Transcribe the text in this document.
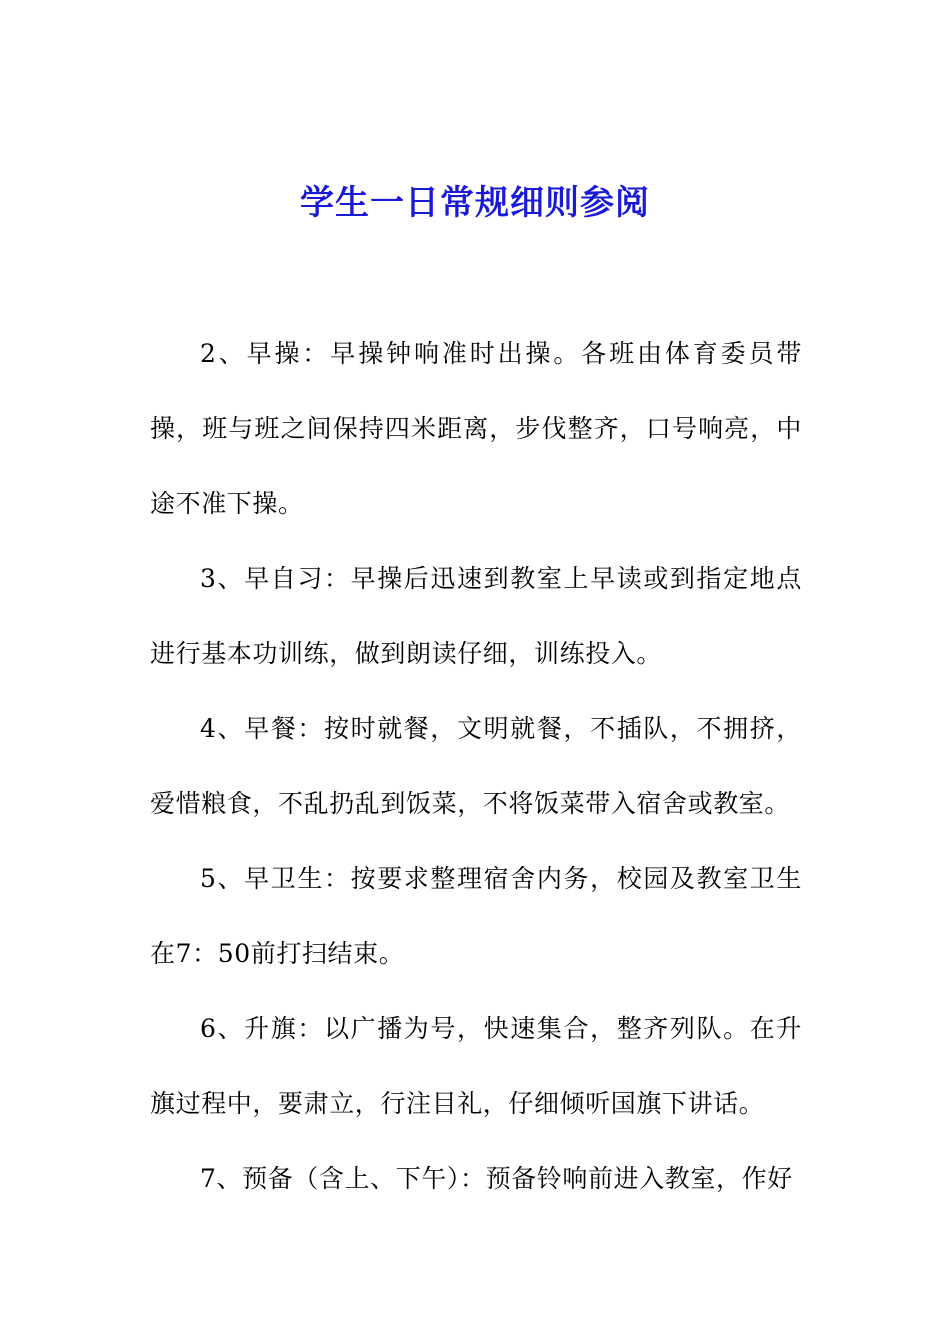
学生一日常规细则参阅

2、早操：早操钟响准时出操。各班由体育委员带操，班与班之间保持四米距离，步伐整齐，口号响亮，中途不准下操。

3、早自习：早操后迅速到教室上早读或到指定地点进行基本功训练，做到朗读仔细，训练投入。

4、早餐：按时就餐，文明就餐，不插队，不拥挤，爱惜粮食，不乱扔乱到饭菜，不将饭菜带入宿舍或教室。

5、早卫生：按要求整理宿舍内务，校园及教室卫生在7：50前打扫结束。

6、升旗：以广播为号，快速集合，整齐列队。在升旗过程中，要肃立，行注目礼，仔细倾听国旗下讲话。

7、预备（含上、下午）：预备铃响前进入教室，作好
